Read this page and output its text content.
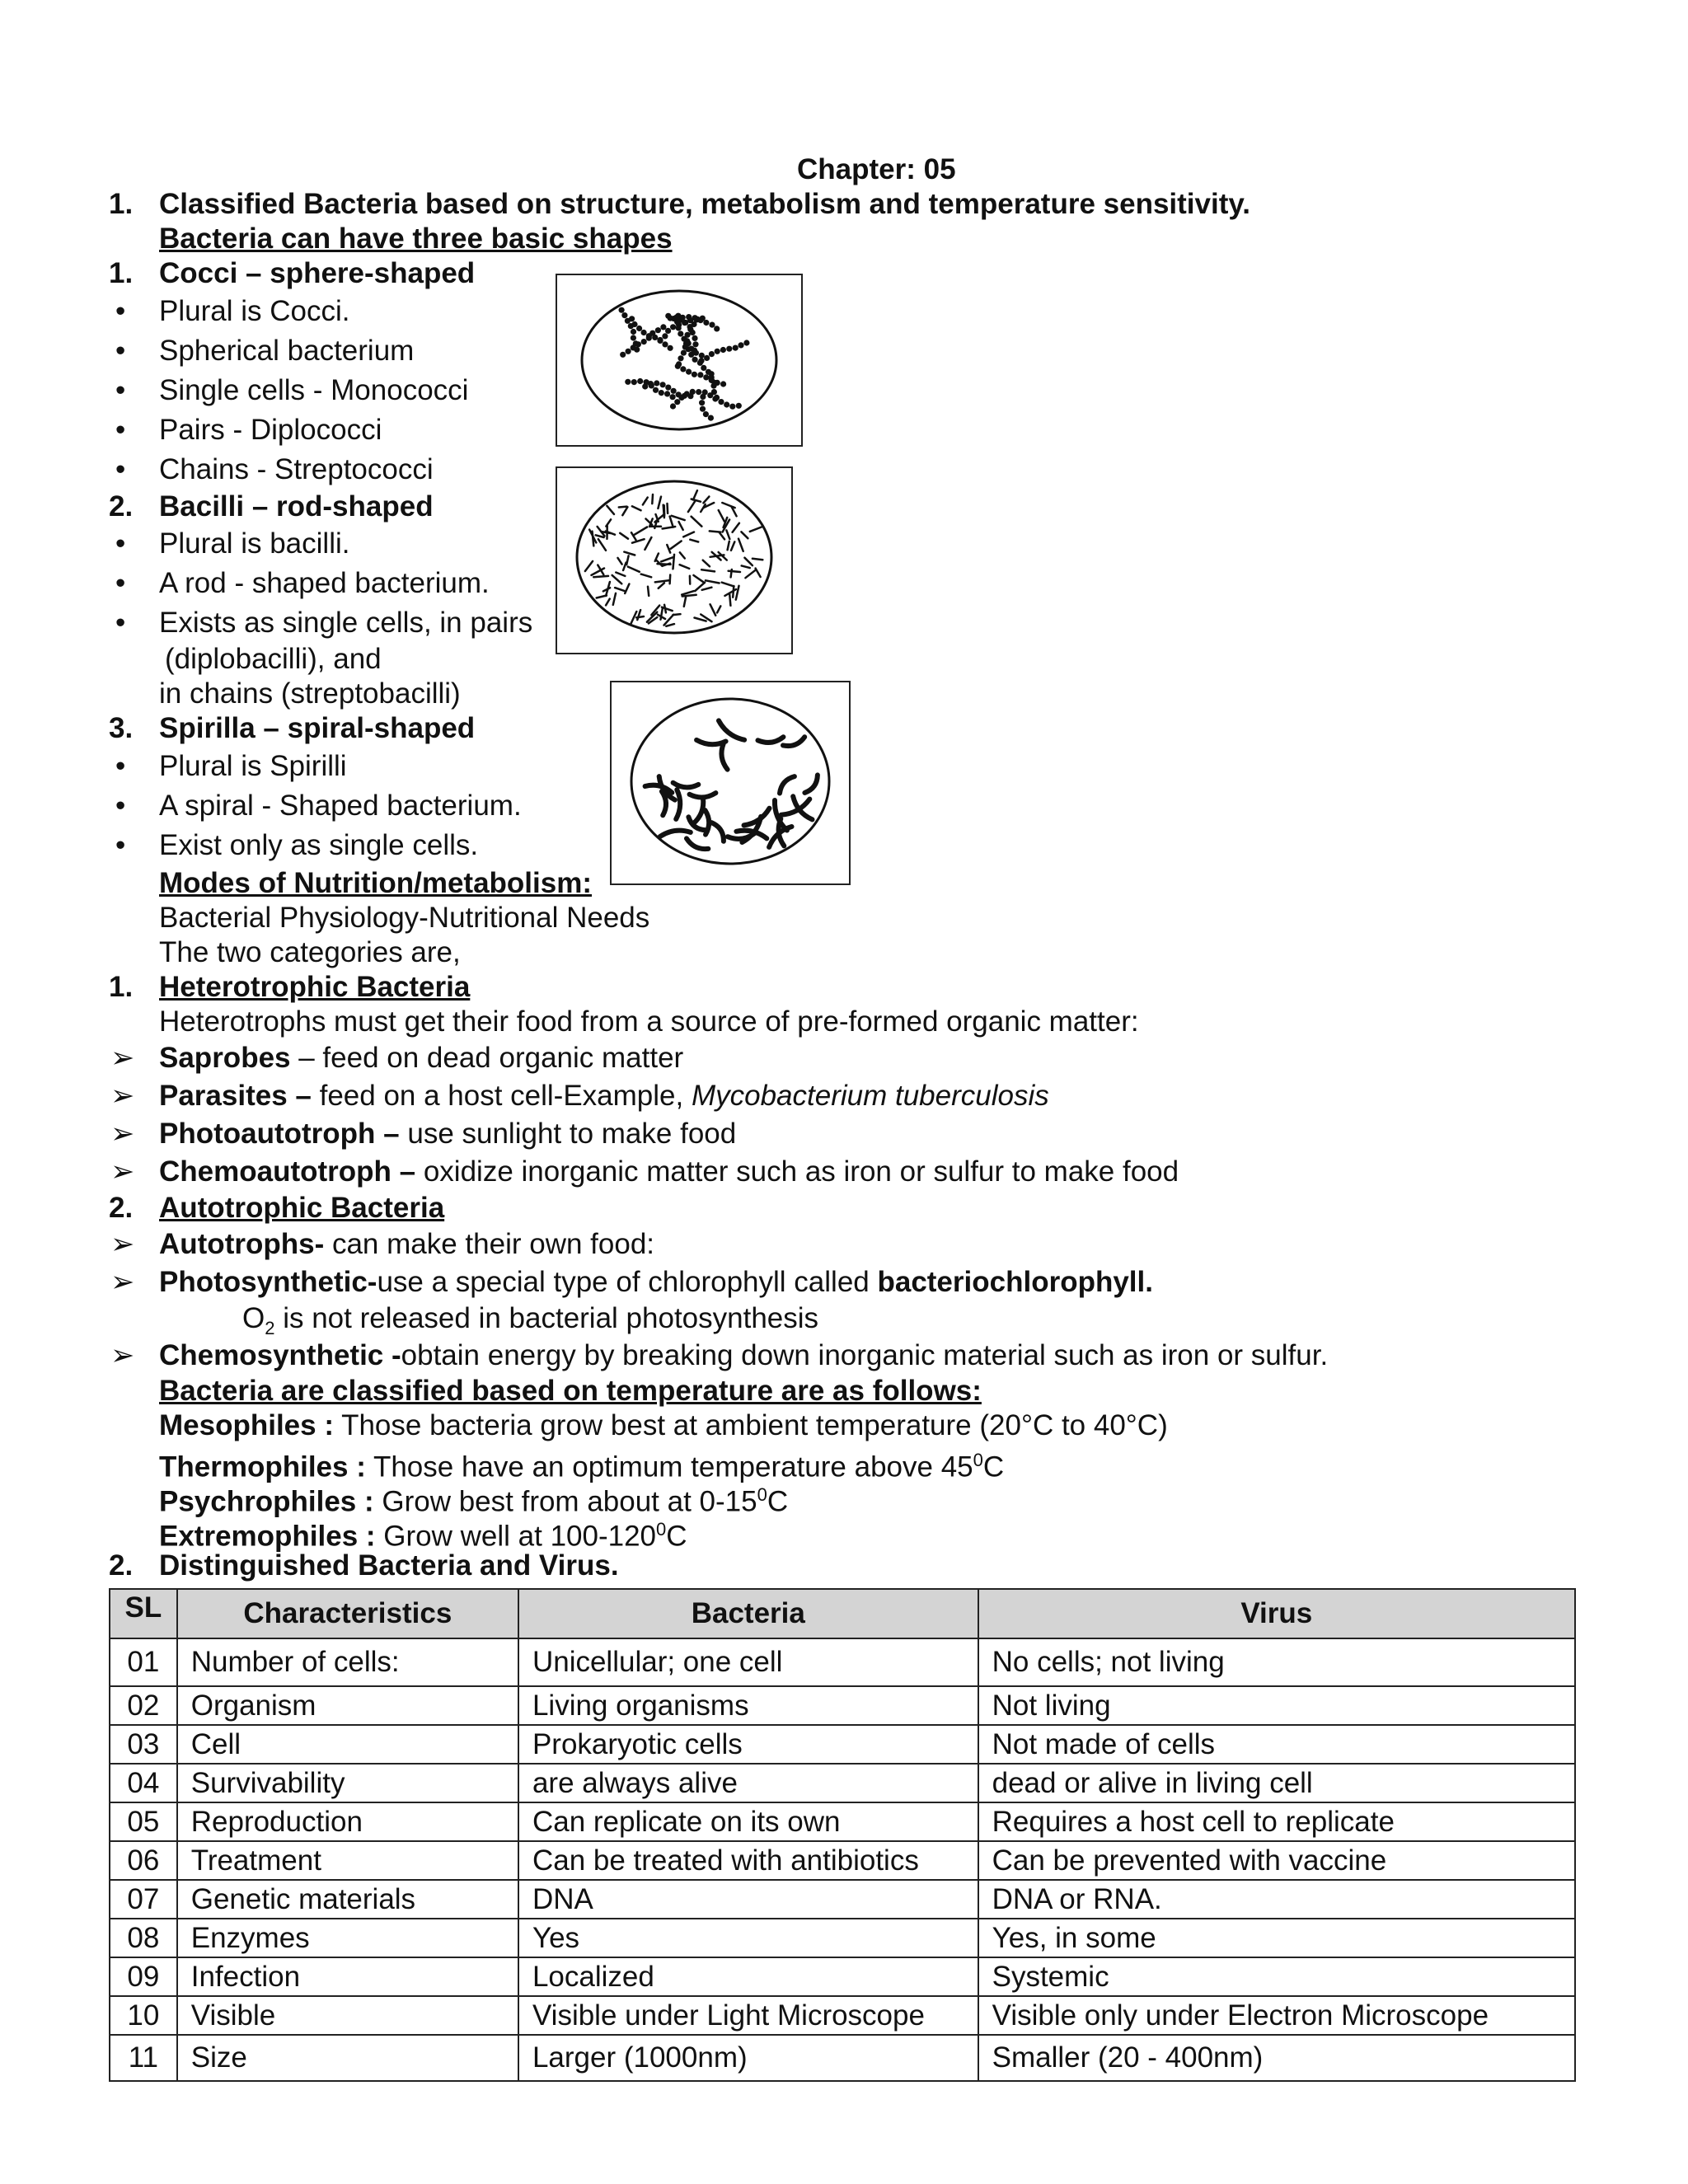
Chapter: 05
1. Classified Bacteria based on structure, metabolism and temperature sensitivity.
Bacteria can have three basic shapes
1. Cocci – sphere-shaped
• Plural is Cocci.
• Spherical bacterium
• Single cells - Monococci
• Pairs - Diplococci
• Chains - Streptococci
2. Bacilli – rod-shaped
• Plural is bacilli.
• A rod - shaped bacterium.
• Exists as single cells, in pairs
(diplobacilli), and
in chains (streptobacilli)
3. Spirilla – spiral-shaped
• Plural is Spirilli
• A spiral - Shaped bacterium.
• Exist only as single cells.
Modes of Nutrition/metabolism:
Bacterial Physiology-Nutritional Needs
The two categories are,
1. Heterotrophic Bacteria
Heterotrophs must get their food from a source of pre-formed organic matter:
➢ Saprobes – feed on dead organic matter
➢ Parasites – feed on a host cell-Example, Mycobacterium tuberculosis
➢ Photoautotroph – use sunlight to make food
➢ Chemoautotroph – oxidize inorganic matter such as iron or sulfur to make food
2. Autotrophic Bacteria
➢ Autotrophs- can make their own food:
➢ Photosynthetic-use a special type of chlorophyll called bacteriochlorophyll.
$O_2$ is not released in bacterial photosynthesis
➢ Chemosynthetic -obtain energy by breaking down inorganic material such as iron or sulfur.
Bacteria are classified based on temperature are as follows:
Mesophiles : Those bacteria grow best at ambient temperature (20°C to 40°C)
Thermophiles : Those have an optimum temperature above $45^0C$
Psychrophiles : Grow best from about at $0-15^0C$
Extremophiles : Grow well at $100-120^0C$
2. Distinguished Bacteria and Virus.
SL	Characteristics	Bacteria	Virus
01	Number of cells:	Unicellular; one cell	No cells; not living
02	Organism	Living organisms	Not living
03	Cell	Prokaryotic cells	Not made of cells
04	Survivability	are always alive	dead or alive in living cell
05	Reproduction	Can replicate on its own	Requires a host cell to replicate
06	Treatment	Can be treated with antibiotics	Can be prevented with vaccine
07	Genetic materials	DNA	DNA or RNA.
08	Enzymes	Yes	Yes, in some
09	Infection	Localized	Systemic
10	Visible	Visible under Light Microscope	Visible only under Electron Microscope
11	Size	Larger (1000nm)	Smaller (20 - 400nm)
